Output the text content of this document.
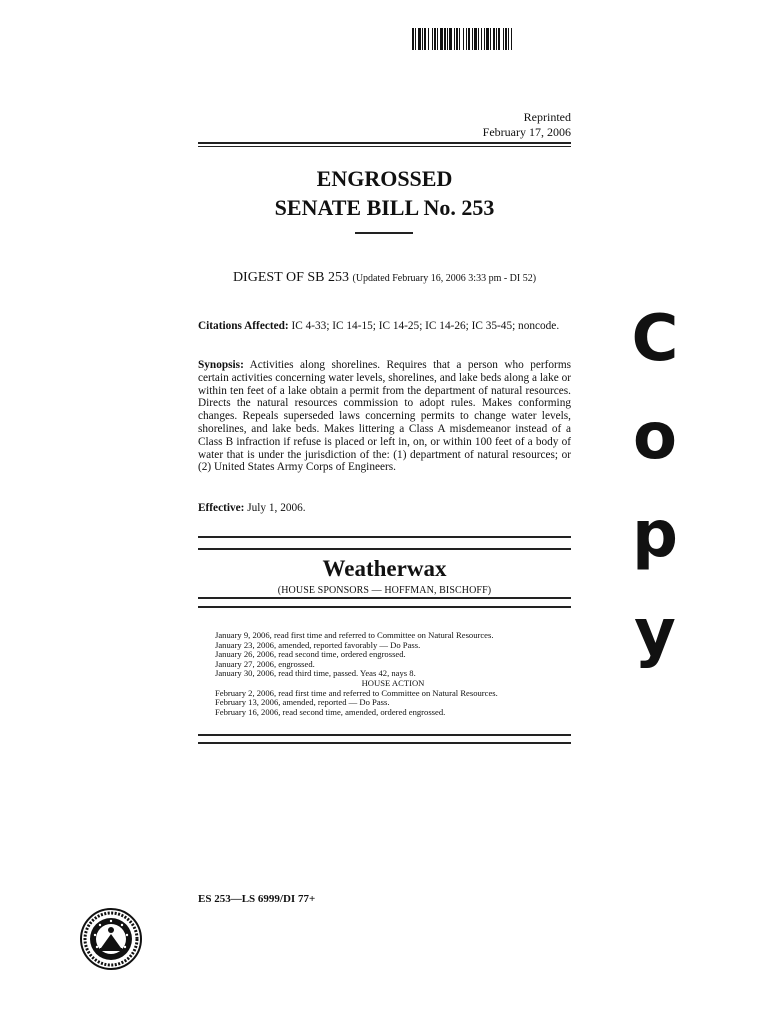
Reprinted
February 17, 2006
ENGROSSED
SENATE BILL No. 253
DIGEST OF SB 253 (Updated February 16, 2006 3:33 pm - DI 52)
Citations Affected: IC 4-33; IC 14-15; IC 14-25; IC 14-26; IC 35-45; noncode.
Synopsis: Activities along shorelines. Requires that a person who performs certain activities concerning water levels, shorelines, and lake beds along a lake or within ten feet of a lake obtain a permit from the department of natural resources. Directs the natural resources commission to adopt rules. Makes conforming changes. Repeals superseded laws concerning permits to change water levels, shorelines, and lake beds. Makes littering a Class A misdemeanor instead of a Class B infraction if refuse is placed or left in, on, or within 100 feet of a body of water that is under the jurisdiction of the: (1) department of natural resources; or (2) United States Army Corps of Engineers.
Effective: July 1, 2006.
Weatherwax
(HOUSE SPONSORS — HOFFMAN, BISCHOFF)
January 9, 2006, read first time and referred to Committee on Natural Resources.
January 23, 2006, amended, reported favorably — Do Pass.
January 26, 2006, read second time, ordered engrossed.
January 27, 2006, engrossed.
January 30, 2006, read third time, passed. Yeas 42, nays 8.
HOUSE ACTION
February 2, 2006, read first time and referred to Committee on Natural Resources.
February 13, 2006, amended, reported — Do Pass.
February 16, 2006, read second time, amended, ordered engrossed.
ES 253—LS 6999/DI 77+
C
o
p
y
